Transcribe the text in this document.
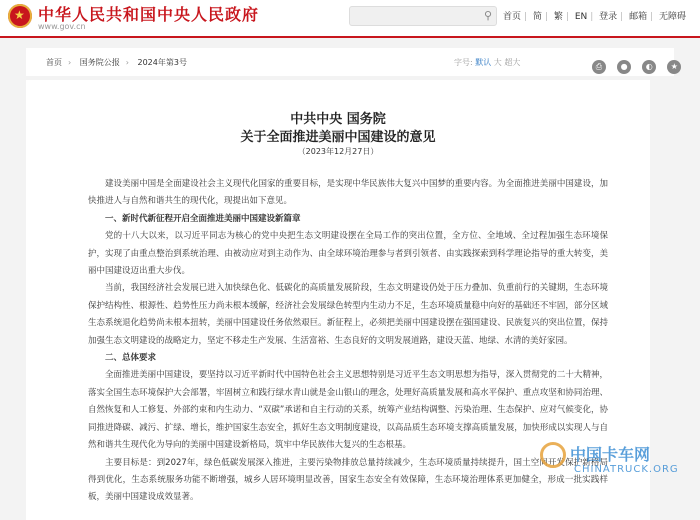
★ 中华人民共和国中央人民政府
www.gov.cn
⚲ 首页 | 简 | 繁 | EN | 登录 | 邮箱 | 无障碍
首页 › 国务院公报 › 2024年第3号	字号: 默认 大 超大	⎙ ● ◐ ★
中共中央 国务院
关于全面推进美丽中国建设的意见
（2023年12月27日）

建设美丽中国是全面建设社会主义现代化国家的重要目标，是实现中华民族伟大复兴中国梦的重要内容。为全面推进美丽中国建设，加快推进人与自然和谐共生的现代化，现提出如下意见。

一、新时代新征程开启全面推进美丽中国建设新篇章

党的十八大以来，以习近平同志为核心的党中央把生态文明建设摆在全局工作的突出位置，全方位、全地域、全过程加强生态环境保护，实现了由重点整治到系统治理、由被动应对到主动作为、由全球环境治理参与者到引领者、由实践探索到科学理论指导的重大转变，美丽中国建设迈出重大步伐。

当前，我国经济社会发展已进入加快绿色化、低碳化的高质量发展阶段，生态文明建设仍处于压力叠加、负重前行的关键期，生态环境保护结构性、根源性、趋势性压力尚未根本缓解，经济社会发展绿色转型内生动力不足，生态环境质量稳中向好的基础还不牢固，部分区域生态系统退化趋势尚未根本扭转，美丽中国建设任务依然艰巨。新征程上，必须把美丽中国建设摆在强国建设、民族复兴的突出位置，保持加强生态文明建设的战略定力，坚定不移走生产发展、生活富裕、生态良好的文明发展道路，建设天蓝、地绿、水清的美好家园。

二、总体要求

全面推进美丽中国建设，要坚持以习近平新时代中国特色社会主义思想特别是习近平生态文明思想为指导，深入贯彻党的二十大精神，落实全国生态环境保护大会部署，牢固树立和践行绿水青山就是金山银山的理念，处理好高质量发展和高水平保护、重点攻坚和协同治理、自然恢复和人工修复、外部约束和内生动力、“双碳”承诺和自主行动的关系，统筹产业结构调整、污染治理、生态保护、应对气候变化，协同推进降碳、减污、扩绿、增长，维护国家生态安全，抓好生态文明制度建设，以高品质生态环境支撑高质量发展，加快形成以实现人与自然和谐共生现代化为导向的美丽中国建设新格局，筑牢中华民族伟大复兴的生态根基。

主要目标是：到2027年，绿色低碳发展深入推进，主要污染物排放总量持续减少，生态环境质量持续提升，国土空间开发保护新格局得到优化，生态系统服务功能不断增强，城乡人居环境明显改善，国家生态安全有效保障，生态环境治理体系更加健全，形成一批实践样板，美丽中国建设成效显著。

中国卡车网
CHINATRUCK.ORG
